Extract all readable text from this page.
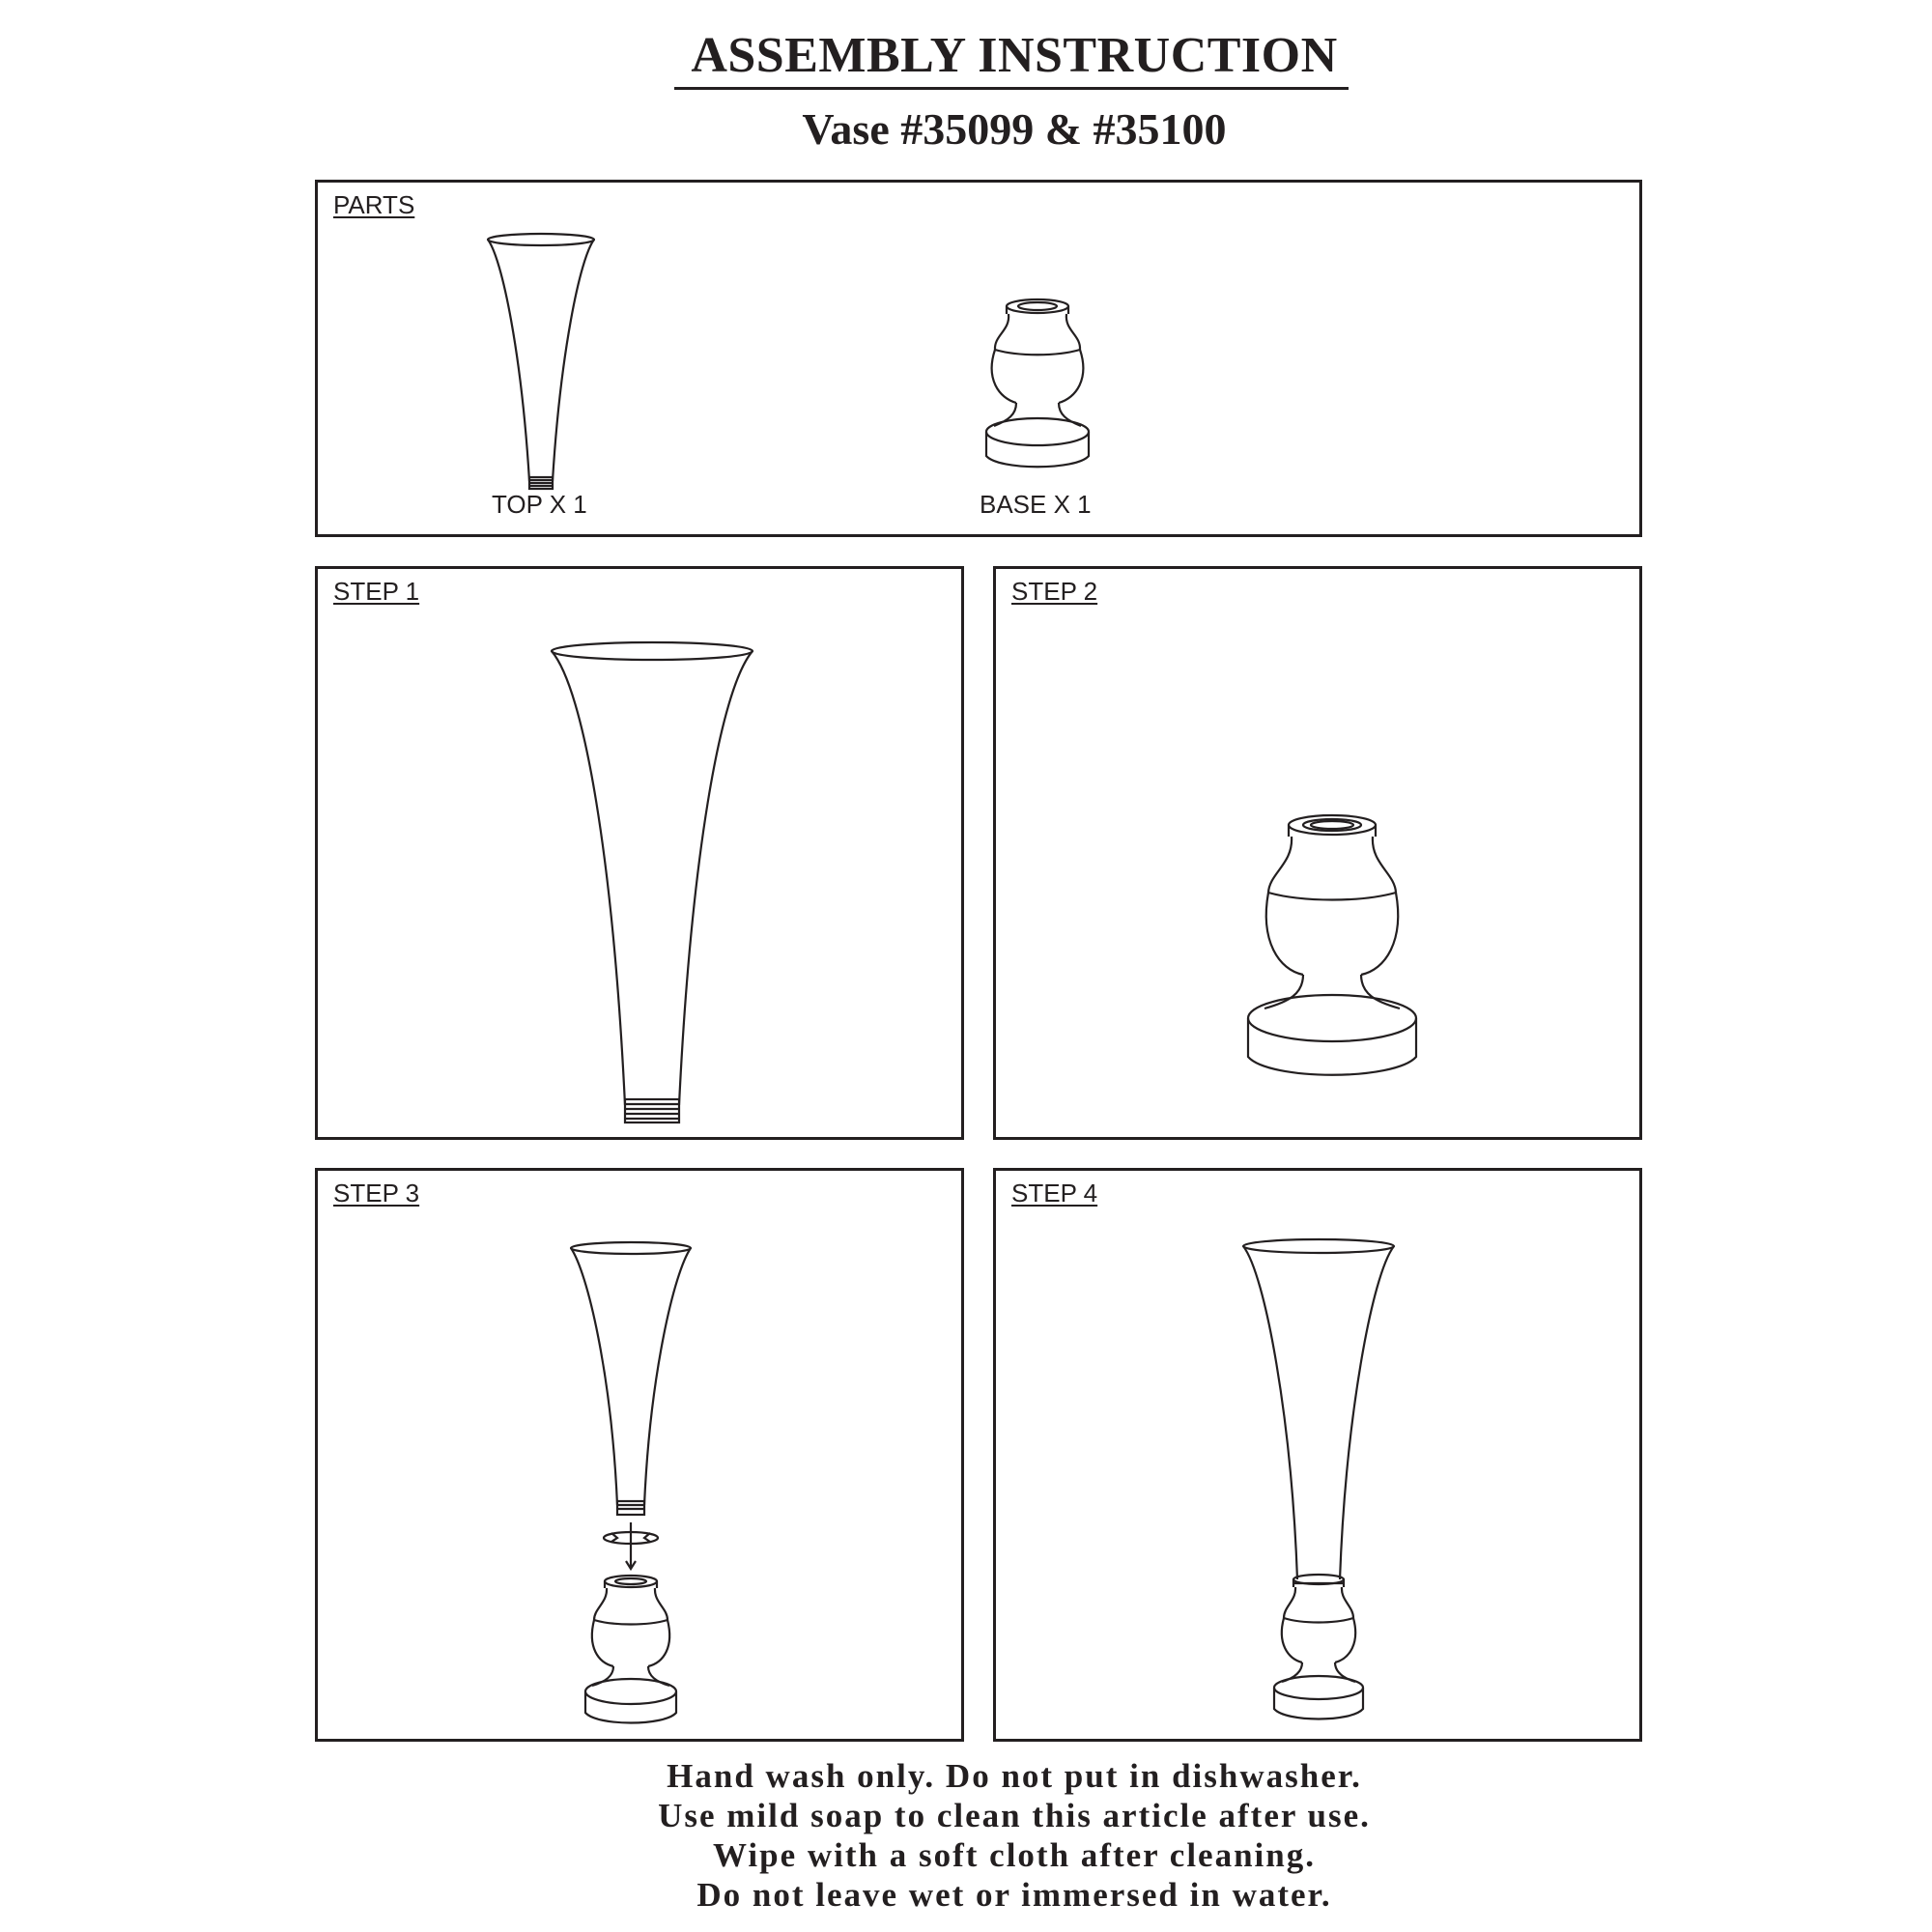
ASSEMBLY INSTRUCTION
Vase #35099 & #35100
PARTS
TOP X 1	BASE X 1
STEP 1	STEP 2
STEP 3	STEP 4
Hand wash only. Do not put in dishwasher.
Use mild soap to clean this article after use.
Wipe with a soft cloth after cleaning.
Do not leave wet or immersed in water.
